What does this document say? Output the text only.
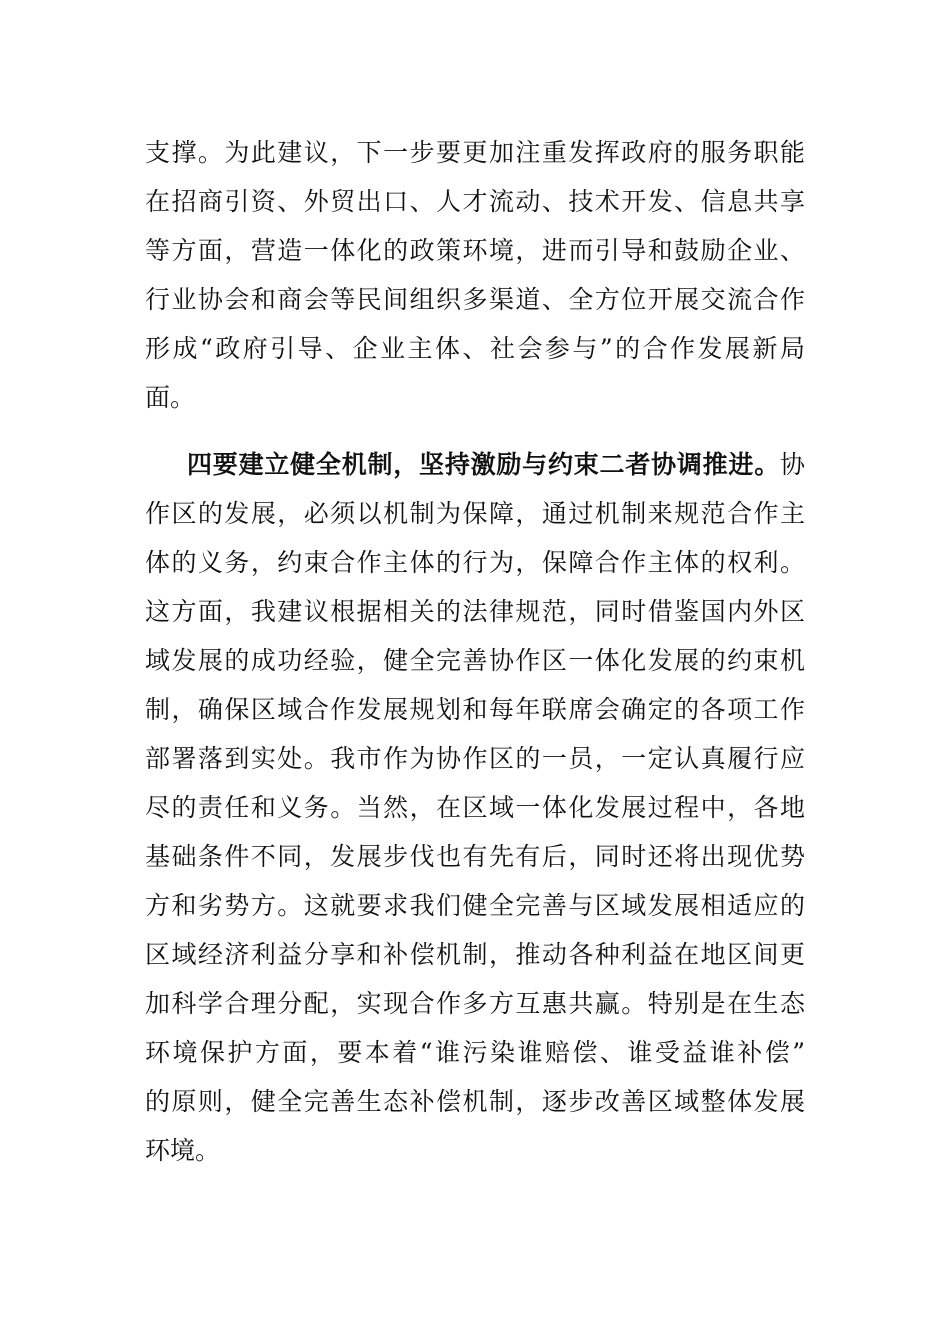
支撑。为此建议，下一步要更加注重发挥政府的服务职能
在招商引资、外贸出口、人才流动、技术开发、信息共享
等方面，营造一体化的政策环境，进而引导和鼓励企业、
行业协会和商会等民间组织多渠道、全方位开展交流合作
形成“政府引导、企业主体、社会参与”的合作发展新局
面。
四要建立健全机制，坚持激励与约束二者协调推进。协
作区的发展，必须以机制为保障，通过机制来规范合作主
体的义务，约束合作主体的行为，保障合作主体的权利。
这方面，我建议根据相关的法律规范，同时借鉴国内外区
域发展的成功经验，健全完善协作区一体化发展的约束机
制，确保区域合作发展规划和每年联席会确定的各项工作
部署落到实处。我市作为协作区的一员，一定认真履行应
尽的责任和义务。当然，在区域一体化发展过程中，各地
基础条件不同，发展步伐也有先有后，同时还将出现优势
方和劣势方。这就要求我们健全完善与区域发展相适应的
区域经济利益分享和补偿机制，推动各种利益在地区间更
加科学合理分配，实现合作多方互惠共赢。特别是在生态
环境保护方面，要本着“谁污染谁赔偿、谁受益谁补偿”
的原则，健全完善生态补偿机制，逐步改善区域整体发展
环境。
